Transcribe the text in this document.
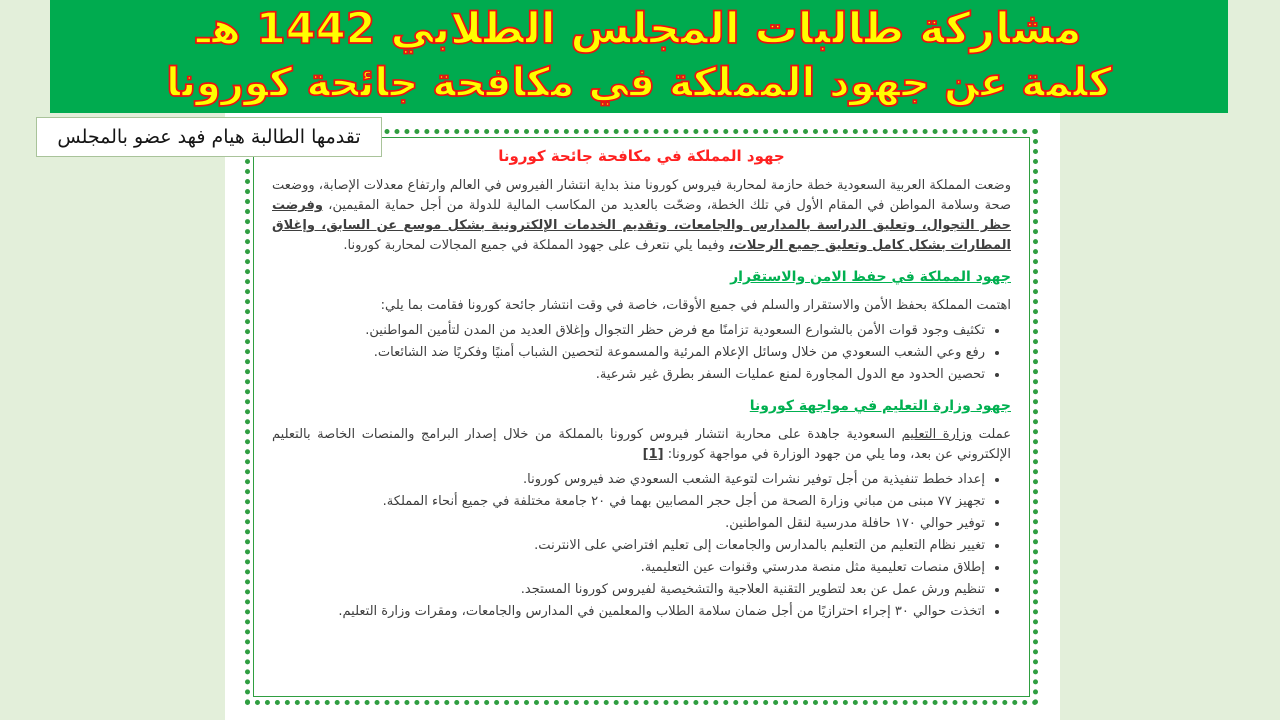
مشاركة طالبات المجلس الطلابي 1442 هـ
كلمة عن جهود المملكة في مكافحة جائحة كورونا
تقدمها الطالبة هيام فهد عضو بالمجلس
جهود المملكة في مكافحة جائحة كورونا

وضعت المملكة العربية السعودية خطة حازمة لمحاربة فيروس كورونا منذ بداية انتشار الفيروس في العالم وارتفاع معدلات الإصابة، ووضعت صحة وسلامة المواطن في المقام الأول في تلك الخطة، وضحّت بالعديد من المكاسب المالية للدولة من أجل حماية المقيمين، وفرضت حظر التجوال، وتعليق الدراسة بالمدارس والجامعات، وتقديم الخدمات الإلكترونية بشكل موسع عن السابق، وإغلاق المطارات بشكل كامل وتعليق جميع الرحلات، وفيما يلي نتعرف على جهود المملكة في جميع المجالات لمحاربة كورونا.

جهود المملكة في حفظ الامن والاستقرار

اهتمت المملكة بحفظ الأمن والاستقرار والسلم في جميع الأوقات، خاصة في وقت انتشار جائحة كورونا فقامت بما يلي:

• تكثيف وجود قوات الأمن بالشوارع السعودية تزامنًا مع فرض حظر التجوال وإغلاق العديد من المدن لتأمين المواطنين.
• رفع وعي الشعب السعودي من خلال وسائل الإعلام المرئية والمسموعة لتحصين الشباب أمنيًا وفكريًا ضد الشائعات.
• تحصين الحدود مع الدول المجاورة لمنع عمليات السفر بطرق غير شرعية.
جهود وزارة التعليم في مواجهة كورونا

عملت وزارة التعليم السعودية جاهدة على محاربة انتشار فيروس كورونا بالمملكة من خلال إصدار البرامج والمنصات الخاصة بالتعليم الإلكتروني عن بعد، وما يلي من جهود الوزارة في مواجهة كورونا: [1]

• إعداد خطط تنفيذية من أجل توفير نشرات لتوعية الشعب السعودي ضد فيروس كورونا.
• تجهيز ٧٧ مبنى من مباني وزارة الصحة من أجل حجر المصابين بهما في ٢٠ جامعة مختلفة في جميع أنحاء المملكة.
• توفير حوالي ١٧٠ حافلة مدرسية لنقل المواطنين.
• تغيير نظام التعليم من التعليم بالمدارس والجامعات إلى تعليم افتراضي على الانترنت.
• إطلاق منصات تعليمية مثل منصة مدرستي وقنوات عين التعليمية.
• تنظيم ورش عمل عن بعد لتطوير التقنية العلاجية والتشخيصية لفيروس كورونا المستجد.
• اتخذت حوالي ٣٠ إجراء احترازيًا من أجل ضمان سلامة الطلاب والمعلمين في المدارس والجامعات، ومقرات وزارة التعليم.
